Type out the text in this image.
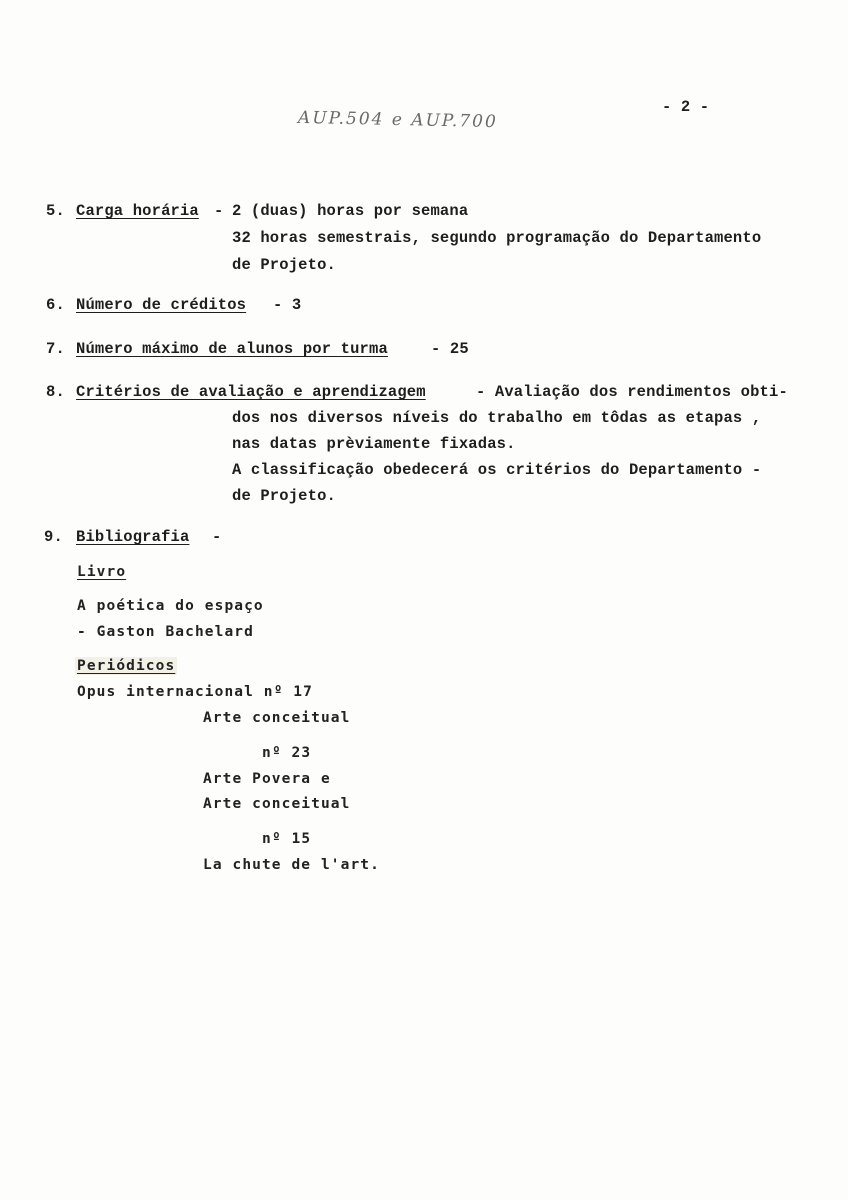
- 2 -
AUP.504 e AUP.700
5. Carga horária - 2 (duas) horas por semana
32 horas semestrais, segundo programação do Departamento
de Projeto.
6. Número de créditos - 3
7. Número máximo de alunos por turma	- 25
8. Critérios de avaliação e aprendizagem	- Avaliação dos rendimentos obti-
dos nos diversos níveis do trabalho em tôdas as etapas ,
nas datas prèviamente fixadas.
A classificação obedecerá os critérios do Departamento -
de Projeto.
9. Bibliografia -
Livro
A poética do espaço
- Gaston Bachelard
Periódicos
Opus internacional nº 17
Arte conceitual
nº 23
Arte Povera e
Arte conceitual
nº 15
La chute de l'art.
